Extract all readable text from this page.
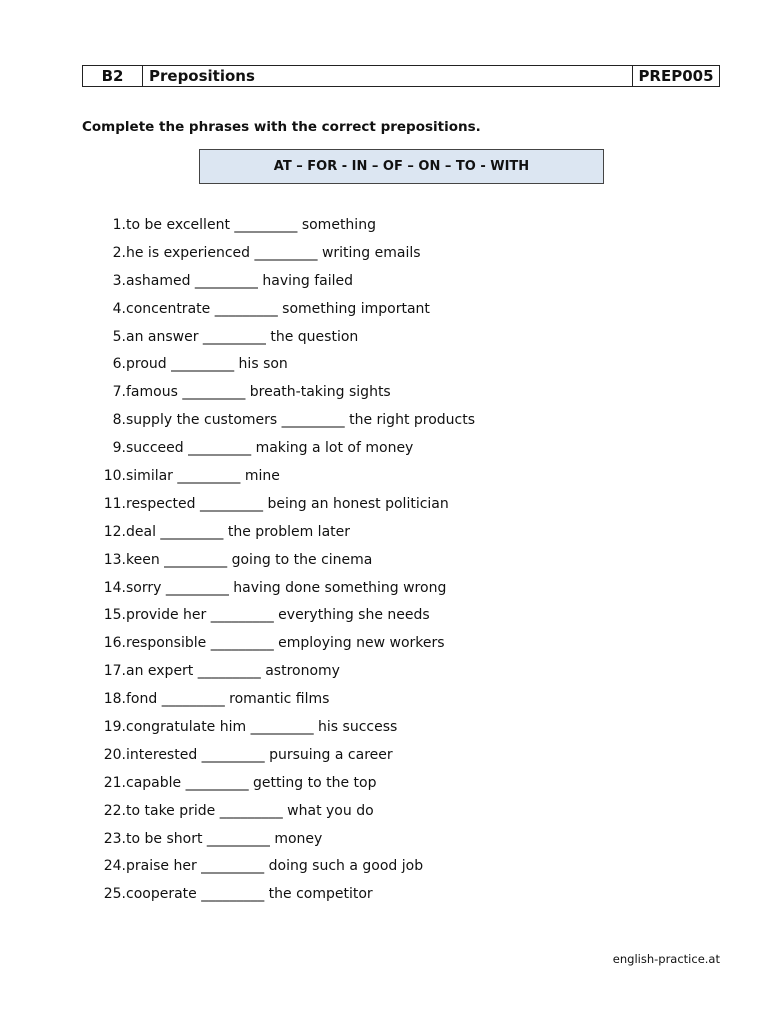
B2	Prepositions	PREP005
Complete the phrases with the correct prepositions.
AT – FOR - IN – OF – ON – TO - WITH
1. to be excellent _________ something
2. he is experienced _________ writing emails
3. ashamed _________ having failed
4. concentrate _________ something important
5. an answer _________ the question
6. proud _________ his son
7. famous _________ breath-taking sights
8. supply the customers _________ the right products
9. succeed _________ making a lot of money
10. similar _________ mine
11. respected _________ being an honest politician
12. deal _________ the problem later
13. keen _________ going to the cinema
14. sorry _________ having done something wrong
15. provide her _________ everything she needs
16. responsible _________ employing new workers
17. an expert _________ astronomy
18. fond _________ romantic films
19. congratulate him _________ his success
20. interested _________ pursuing a career
21. capable _________ getting to the top
22. to take pride _________ what you do
23. to be short _________ money
24. praise her _________ doing such a good job
25. cooperate _________ the competitor
english-practice.at
